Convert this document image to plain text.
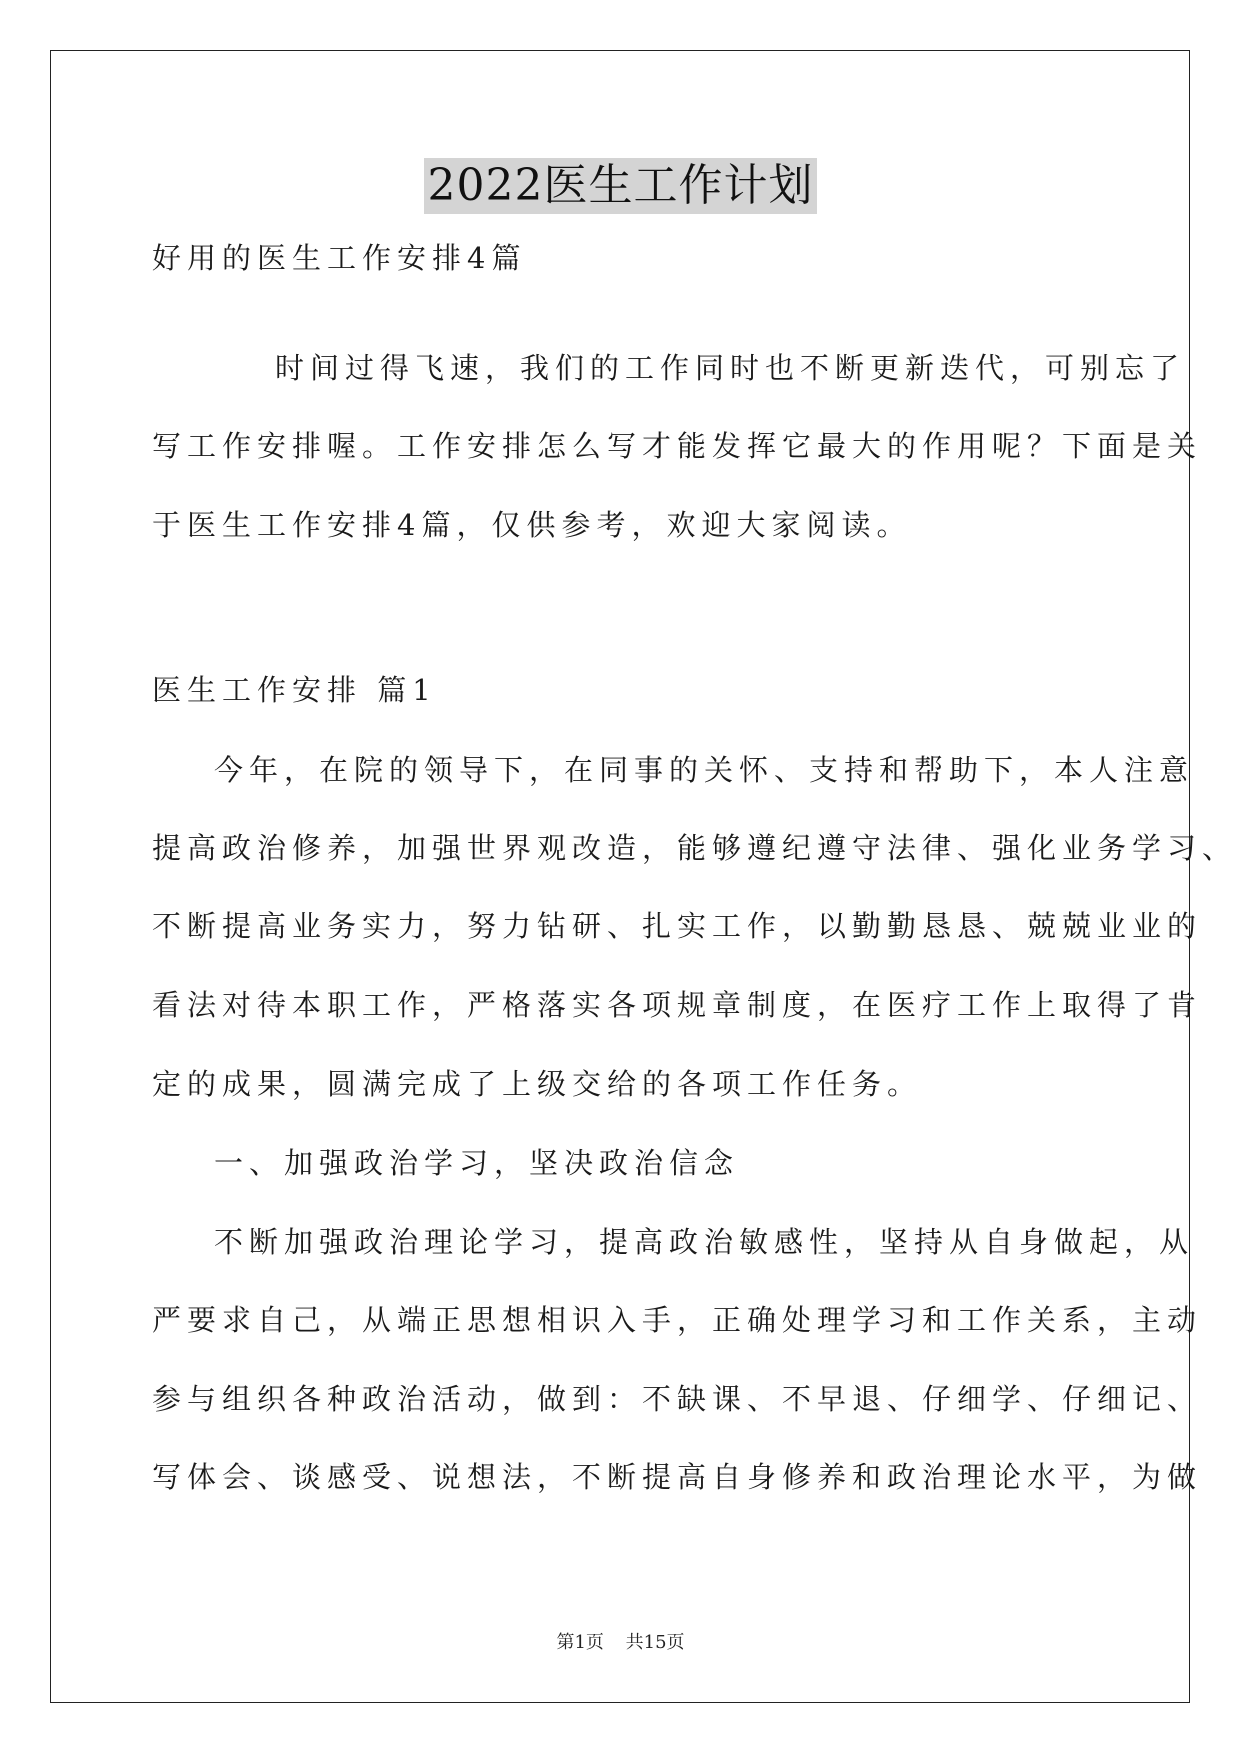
2022医生工作计划
好用的医生工作安排4篇
时间过得飞速，我们的工作同时也不断更新迭代，可别忘了
写工作安排喔。工作安排怎么写才能发挥它最大的作用呢？下面是关
于医生工作安排4篇，仅供参考，欢迎大家阅读。
医生工作安排 篇1
今年，在院的领导下，在同事的关怀、支持和帮助下，本人注意
提高政治修养，加强世界观改造，能够遵纪遵守法律、强化业务学习、
不断提高业务实力，努力钻研、扎实工作，以勤勤恳恳、兢兢业业的
看法对待本职工作，严格落实各项规章制度，在医疗工作上取得了肯
定的成果，圆满完成了上级交给的各项工作任务。
一、加强政治学习，坚决政治信念
不断加强政治理论学习，提高政治敏感性，坚持从自身做起，从
严要求自己，从端正思想相识入手，正确处理学习和工作关系，主动
参与组织各种政治活动，做到：不缺课、不早退、仔细学、仔细记、
写体会、谈感受、说想法，不断提高自身修养和政治理论水平，为做
第1页 共15页
